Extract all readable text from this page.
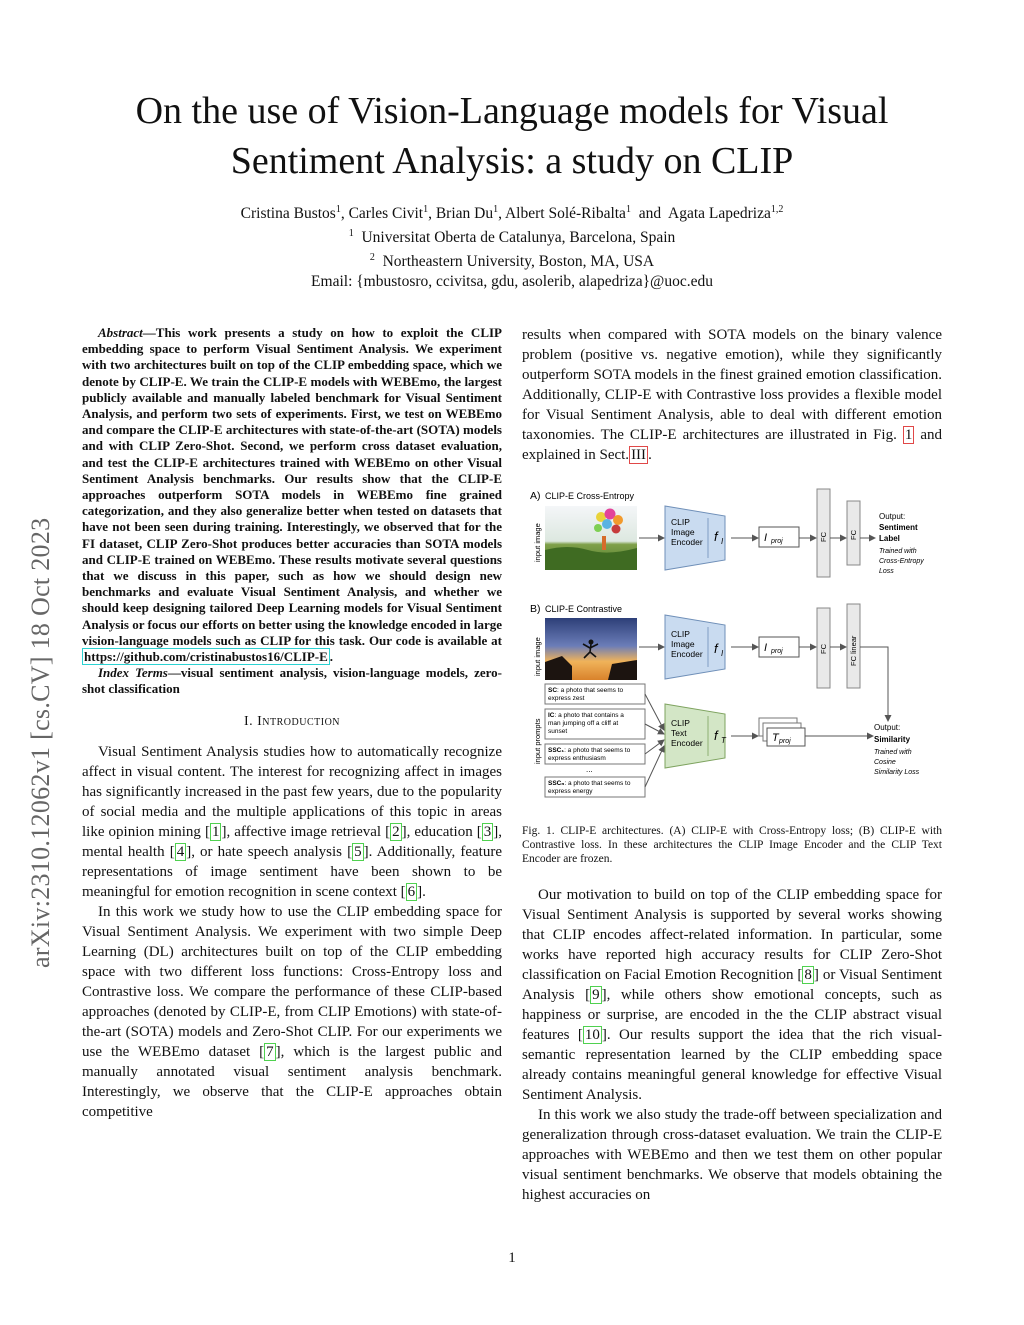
arXiv:2310.12062v1 [cs.CV] 18 Oct 2023
On the use of Vision-Language models for Visual
Sentiment Analysis: a study on CLIP
Cristina Bustos$^1$, Carles Civit$^1$, Brian Du$^1$, Albert Solé-Ribalta$^1$ and Agata Lapedriza$^{1,2}$
$^1$ Universitat Oberta de Catalunya, Barcelona, Spain
$^2$ Northeastern University, Boston, MA, USA
Email: {mbustosro, ccivitsa, gdu, asolerib, alapedriza}@uoc.edu

Abstract—This work presents a study on how to exploit the CLIP embedding space to perform Visual Sentiment Analysis. We experiment with two architectures built on top of the CLIP embedding space, which we denote by CLIP-E. We train the CLIP-E models with WEBEmo, the largest publicly available and manually labeled benchmark for Visual Sentiment Analysis, and perform two sets of experiments. First, we test on WEBEmo and compare the CLIP-E architectures with state-of-the-art (SOTA) models and with CLIP Zero-Shot. Second, we perform cross dataset evaluation, and test the CLIP-E architectures trained with WEBEmo on other Visual Sentiment Analysis benchmarks. Our results show that the CLIP-E approaches outperform SOTA models in WEBEmo fine grained categorization, and they also generalize better when tested on datasets that have not been seen during training. Interestingly, we observed that for the FI dataset, CLIP Zero-Shot produces better accuracies than SOTA models and CLIP-E trained on WEBEmo. These results motivate several questions that we discuss in this paper, such as how we should design new benchmarks and evaluate Visual Sentiment Analysis, and whether we should keep designing tailored Deep Learning models for Visual Sentiment Analysis or focus our efforts on better using the knowledge encoded in large vision-language models such as CLIP for this task. Our code is available at https://github.com/cristinabustos16/CLIP-E .

Index Terms—visual sentiment analysis, vision-language models, zero-shot classification

I. Introduction

Visual Sentiment Analysis studies how to automatically recognize affect in visual content. The interest for recognizing affect in images has significantly increased in the past few years, due to the popularity of social media and the multiple applications of this topic in areas like opinion mining [ 1 ], affective image retrieval [ 2 ], education [ 3 ], mental health [ 4 ], or hate speech analysis [ 5 ]. Additionally, feature representations of image sentiment have been shown to be meaningful for emotion recognition in scene context [ 6 ].

In this work we study how to use the CLIP embedding space for Visual Sentiment Analysis. We experiment with two simple Deep Learning (DL) architectures built on top of the CLIP embedding space with two different loss functions: Cross-Entropy loss and Contrastive loss. We compare the performance of these CLIP-based approaches (denoted by CLIP-E, from CLIP Emotions) with state-of-the-art (SOTA) models and Zero-Shot CLIP. For our experiments we use the WEBEmo dataset [ 7 ], which is the largest public and manually annotated visual sentiment analysis benchmark. Interestingly, we observe that the CLIP-E approaches obtain competitive

results when compared with SOTA models on the binary valence problem (positive vs. negative emotion), while they significantly outperform SOTA models in the finest grained emotion classification. Additionally, CLIP-E with Contrastive loss provides a flexible model for Visual Sentiment Analysis, able to deal with different emotion taxonomies. The CLIP-E architectures are illustrated in Fig. 1 and explained in Sect. III .

A) CLIP-E Cross-Entropy
input image
CLIP
Image
Encoder f I	I proj	FC	FC
Output:
Sentiment
Label
Trained with
Cross-Entropy
Loss
B) CLIP-E Contrastive
input image
CLIP
Image
Encoder f I	I proj	FC	FC linear
input prompts
SC: a photo that seems to
express zest
IC: a photo that contains a
man jumping off a cliff at
sunset
SSC₁: a photo that seems to
express enthusiasm
...
SSCₙ: a photo that seems to
express energy
CLIP
Text
Encoder f T	T proj
Output:
Similarity
Trained with
Cosine
Similarity Loss
Fig. 1. CLIP-E architectures. (A) CLIP-E with Cross-Entropy loss; (B) CLIP-E with Contrastive loss. In these architectures the CLIP Image Encoder and the CLIP Text Encoder are frozen.

Our motivation to build on top of the CLIP embedding space for Visual Sentiment Analysis is supported by several works showing that CLIP encodes affect-related information. In particular, some works have reported high accuracy results for CLIP Zero-Shot classification on Facial Emotion Recognition [ 8 ] or Visual Sentiment Analysis [ 9 ], while others show emotional concepts, such as happiness or surprise, are encoded in the the CLIP abstract visual features [ 10 ]. Our results support the idea that the rich visual-semantic representation learned by the CLIP embedding space already contains meaningful general knowledge for effective Visual Sentiment Analysis.

In this work we also study the trade-off between specialization and generalization through cross-dataset evaluation. We train the CLIP-E approaches with WEBEmo and then we test them on other popular visual sentiment benchmarks. We observe that models obtaining the highest accuracies on

1
